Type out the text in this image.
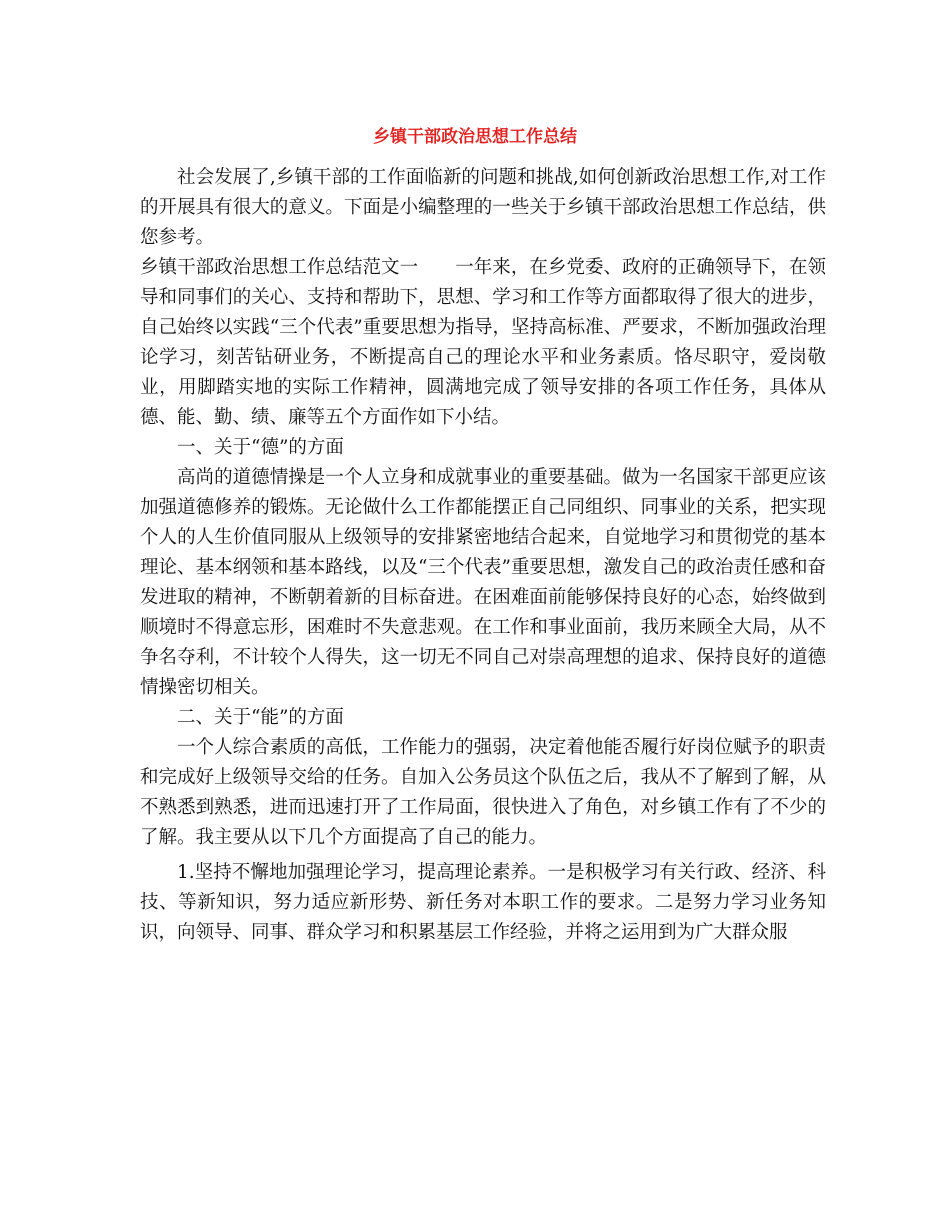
乡镇干部政治思想工作总结

社会发展了,乡镇干部的工作面临新的问题和挑战,如何创新政治思想工作,对工作的开展具有很大的意义。下面是小编整理的一些关于乡镇干部政治思想工作总结，供您参考。

乡镇干部政治思想工作总结范文一　　一年来，在乡党委、政府的正确领导下，在领导和同事们的关心、支持和帮助下，思想、学习和工作等方面都取得了很大的进步，自己始终以实践“三个代表”重要思想为指导，坚持高标准、严要求，不断加强政治理论学习，刻苦钻研业务，不断提高自己的理论水平和业务素质。恪尽职守，爱岗敬业，用脚踏实地的实际工作精神，圆满地完成了领导安排的各项工作任务，具体从德、能、勤、绩、廉等五个方面作如下小结。

一、关于“德”的方面

高尚的道德情操是一个人立身和成就事业的重要基础。做为一名国家干部更应该加强道德修养的锻炼。无论做什么工作都能摆正自己同组织、同事业的关系，把实现个人的人生价值同服从上级领导的安排紧密地结合起来，自觉地学习和贯彻党的基本理论、基本纲领和基本路线，以及“三个代表”重要思想，激发自己的政治责任感和奋发进取的精神，不断朝着新的目标奋进。在困难面前能够保持良好的心态，始终做到顺境时不得意忘形，困难时不失意悲观。在工作和事业面前，我历来顾全大局，从不争名夺利，不计较个人得失，这一切无不同自己对崇高理想的追求、保持良好的道德情操密切相关。

二、关于“能”的方面

一个人综合素质的高低，工作能力的强弱，决定着他能否履行好岗位赋予的职责和完成好上级领导交给的任务。自加入公务员这个队伍之后，我从不了解到了解，从不熟悉到熟悉，进而迅速打开了工作局面，很快进入了角色，对乡镇工作有了不少的了解。我主要从以下几个方面提高了自己的能力。

1.坚持不懈地加强理论学习，提高理论素养。一是积极学习有关行政、经济、科技、等新知识，努力适应新形势、新任务对本职工作的要求。二是努力学习业务知识，向领导、同事、群众学习和积累基层工作经验，并将之运用到为广大群众服
